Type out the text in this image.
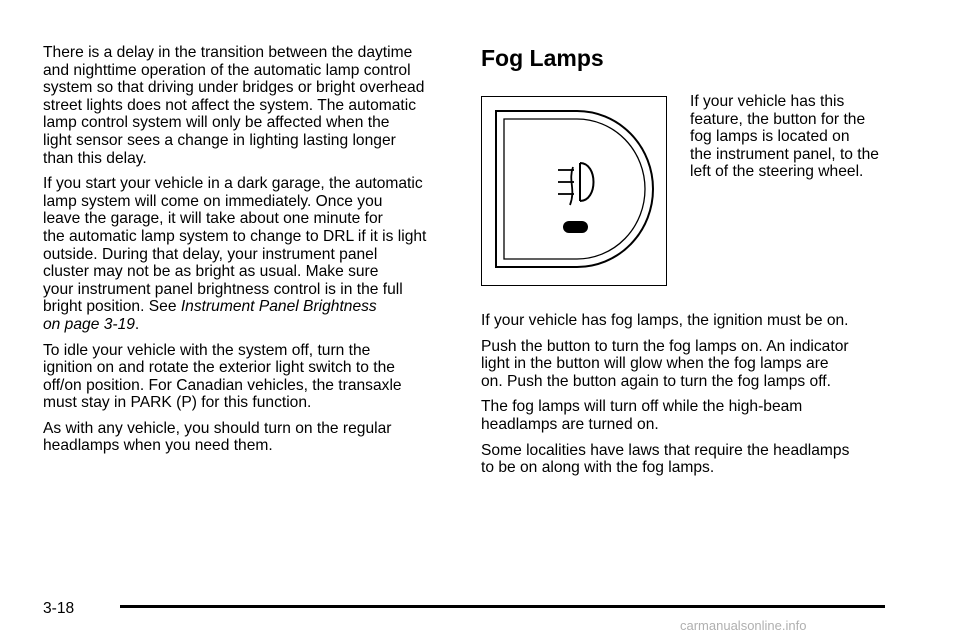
There is a delay in the transition between the daytime
and nighttime operation of the automatic lamp control
system so that driving under bridges or bright overhead
street lights does not affect the system. The automatic
lamp control system will only be affected when the
light sensor sees a change in lighting lasting longer
than this delay.

If you start your vehicle in a dark garage, the automatic
lamp system will come on immediately. Once you
leave the garage, it will take about one minute for
the automatic lamp system to change to DRL if it is light
outside. During that delay, your instrument panel
cluster may not be as bright as usual. Make sure
your instrument panel brightness control is in the full
bright position. See Instrument Panel Brightness
on page 3-19.

To idle your vehicle with the system off, turn the
ignition on and rotate the exterior light switch to the
off/on position. For Canadian vehicles, the transaxle
must stay in PARK (P) for this function.

As with any vehicle, you should turn on the regular
headlamps when you need them.

Fog Lamps

If your vehicle has this
feature, the button for the
fog lamps is located on
the instrument panel, to the
left of the steering wheel.

If your vehicle has fog lamps, the ignition must be on.

Push the button to turn the fog lamps on. An indicator
light in the button will glow when the fog lamps are
on. Push the button again to turn the fog lamps off.

The fog lamps will turn off while the high-beam
headlamps are turned on.

Some localities have laws that require the headlamps
to be on along with the fog lamps.

3-18
carmanualsonline.info
